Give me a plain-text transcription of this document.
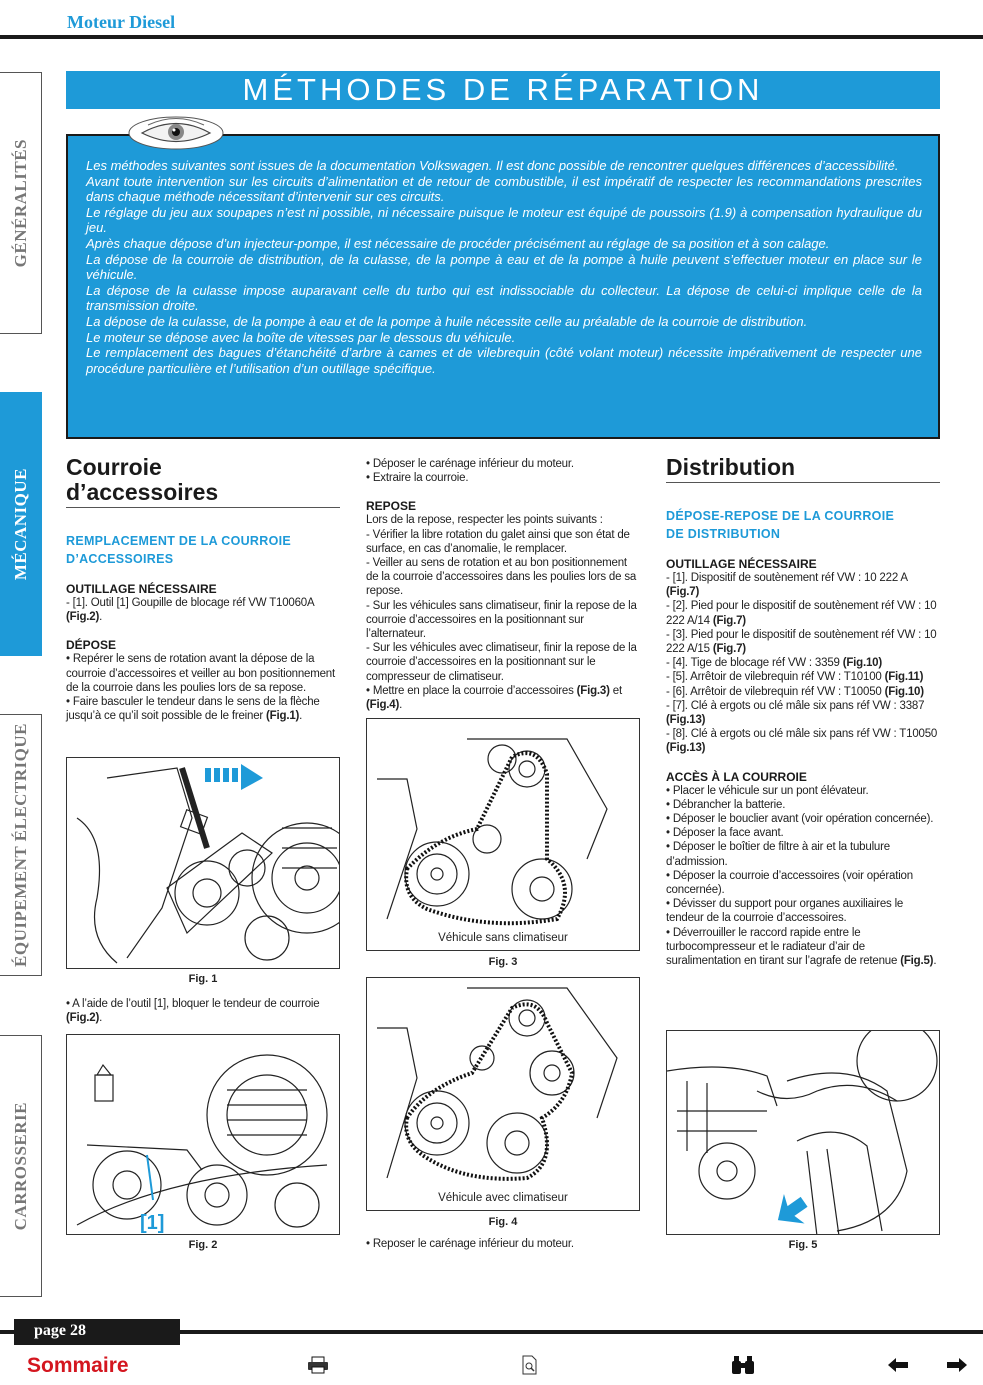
Moteur Diesel
GÉNÉRALITÉS
MÉCANIQUE
ÉQUIPEMENT ÉLECTRIQUE
CARROSSERIE
MÉTHODES DE RÉPARATION

Les méthodes suivantes sont issues de la documentation Volkswagen. Il est donc possible de rencontrer quelques différences d’accessibilité.

Avant toute intervention sur les circuits d’alimentation et de retour de combustible, il est impératif de respecter les recommandations prescrites dans chaque méthode nécessitant d’intervenir sur ces circuits.

Le réglage du jeu aux soupapes n’est ni possible, ni nécessaire puisque le moteur est équipé de poussoirs (1.9) à compensation hydraulique du jeu.

Après chaque dépose d’un injecteur-pompe, il est nécessaire de procéder précisément au réglage de sa position et à son calage.

La dépose de la courroie de distribution, de la culasse, de la pompe à eau et de la pompe à huile peuvent s’effectuer moteur en place sur le véhicule.

La dépose de la culasse impose auparavant celle du turbo qui est indissociable du collecteur. La dépose de celui-ci implique celle de la transmission droite.

La dépose de la culasse, de la pompe à eau et de la pompe à huile nécessite celle au préalable de la courroie de distribution.

Le moteur se dépose avec la boîte de vitesses par le dessous du véhicule.

Le remplacement des bagues d’étanchéité d’arbre à cames et de vilebrequin (côté volant moteur) nécessite impérativement de respecter une procédure particulière et l’utilisation d’un outillage spécifique.

Courroie
d’accessoires
REMPLACEMENT DE LA COURROIE
D’ACCESSOIRES
OUTILLAGE NÉCESSAIRE
- [1]. Outil [1] Goupille de blocage réf VW T10060A (Fig.2).
DÉPOSE
• Repérer le sens de rotation avant la dépose de la courroie d’accessoires et veiller au bon positionnement de la courroie dans les poulies lors de sa repose.
• Faire basculer le tendeur dans le sens de la flèche jusqu’à ce qu’il soit possible de le freiner (Fig.1).
Fig. 1
• A l’aide de l’outil [1], bloquer le tendeur de courroie (Fig.2).
[1]
Fig. 2
• Déposer le carénage inférieur du moteur.
• Extraire la courroie.
REPOSE
Lors de la repose, respecter les points suivants :
- Vérifier la libre rotation du galet ainsi que son état de surface, en cas d’anomalie, le remplacer.
- Veiller au sens de rotation et au bon positionnement de la courroie d’accessoires dans les poulies lors de sa repose.
- Sur les véhicules sans climatiseur, finir la repose de la courroie d’accessoires en la positionnant sur l’alternateur.
- Sur les véhicules avec climatiseur, finir la repose de la courroie d’accessoires en la positionnant sur le compresseur de climatiseur.
• Mettre en place la courroie d’accessoires (Fig.3) et (Fig.4).
Véhicule sans climatiseur
Fig. 3
Véhicule avec climatiseur
Fig. 4
• Reposer le carénage inférieur du moteur.
Distribution
DÉPOSE-REPOSE DE LA COURROIE
DE DISTRIBUTION
OUTILLAGE NÉCESSAIRE
- [1]. Dispositif de soutènement réf VW : 10 222 A (Fig.7)
- [2]. Pied pour le dispositif de soutènement réf VW : 10 222 A/14 (Fig.7)
- [3]. Pied pour le dispositif de soutènement réf VW : 10 222 A/15 (Fig.7)
- [4]. Tige de blocage réf VW : 3359 (Fig.10)
- [5]. Arrêtoir de vilebrequin réf VW : T10100 (Fig.11)
- [6]. Arrêtoir de vilebrequin réf VW : T10050 (Fig.10)
- [7]. Clé à ergots ou clé mâle six pans réf VW : 3387 (Fig.13)
- [8]. Clé à ergots ou clé mâle six pans réf VW : T10050 (Fig.13)
ACCÈS À LA COURROIE
• Placer le véhicule sur un pont élévateur.
• Débrancher la batterie.
• Déposer le bouclier avant (voir opération concernée).
• Déposer la face avant.
• Déposer le boîtier de filtre à air et la tubulure d’admission.
• Déposer la courroie d’accessoires (voir opération concernée).
• Dévisser du support pour organes auxiliaires le tendeur de la courroie d’accessoires.
• Déverrouiller le raccord rapide entre le turbocompresseur et le radiateur d’air de suralimentation en tirant sur l’agrafe de retenue (Fig.5).
Fig. 5
page 28
Sommaire
